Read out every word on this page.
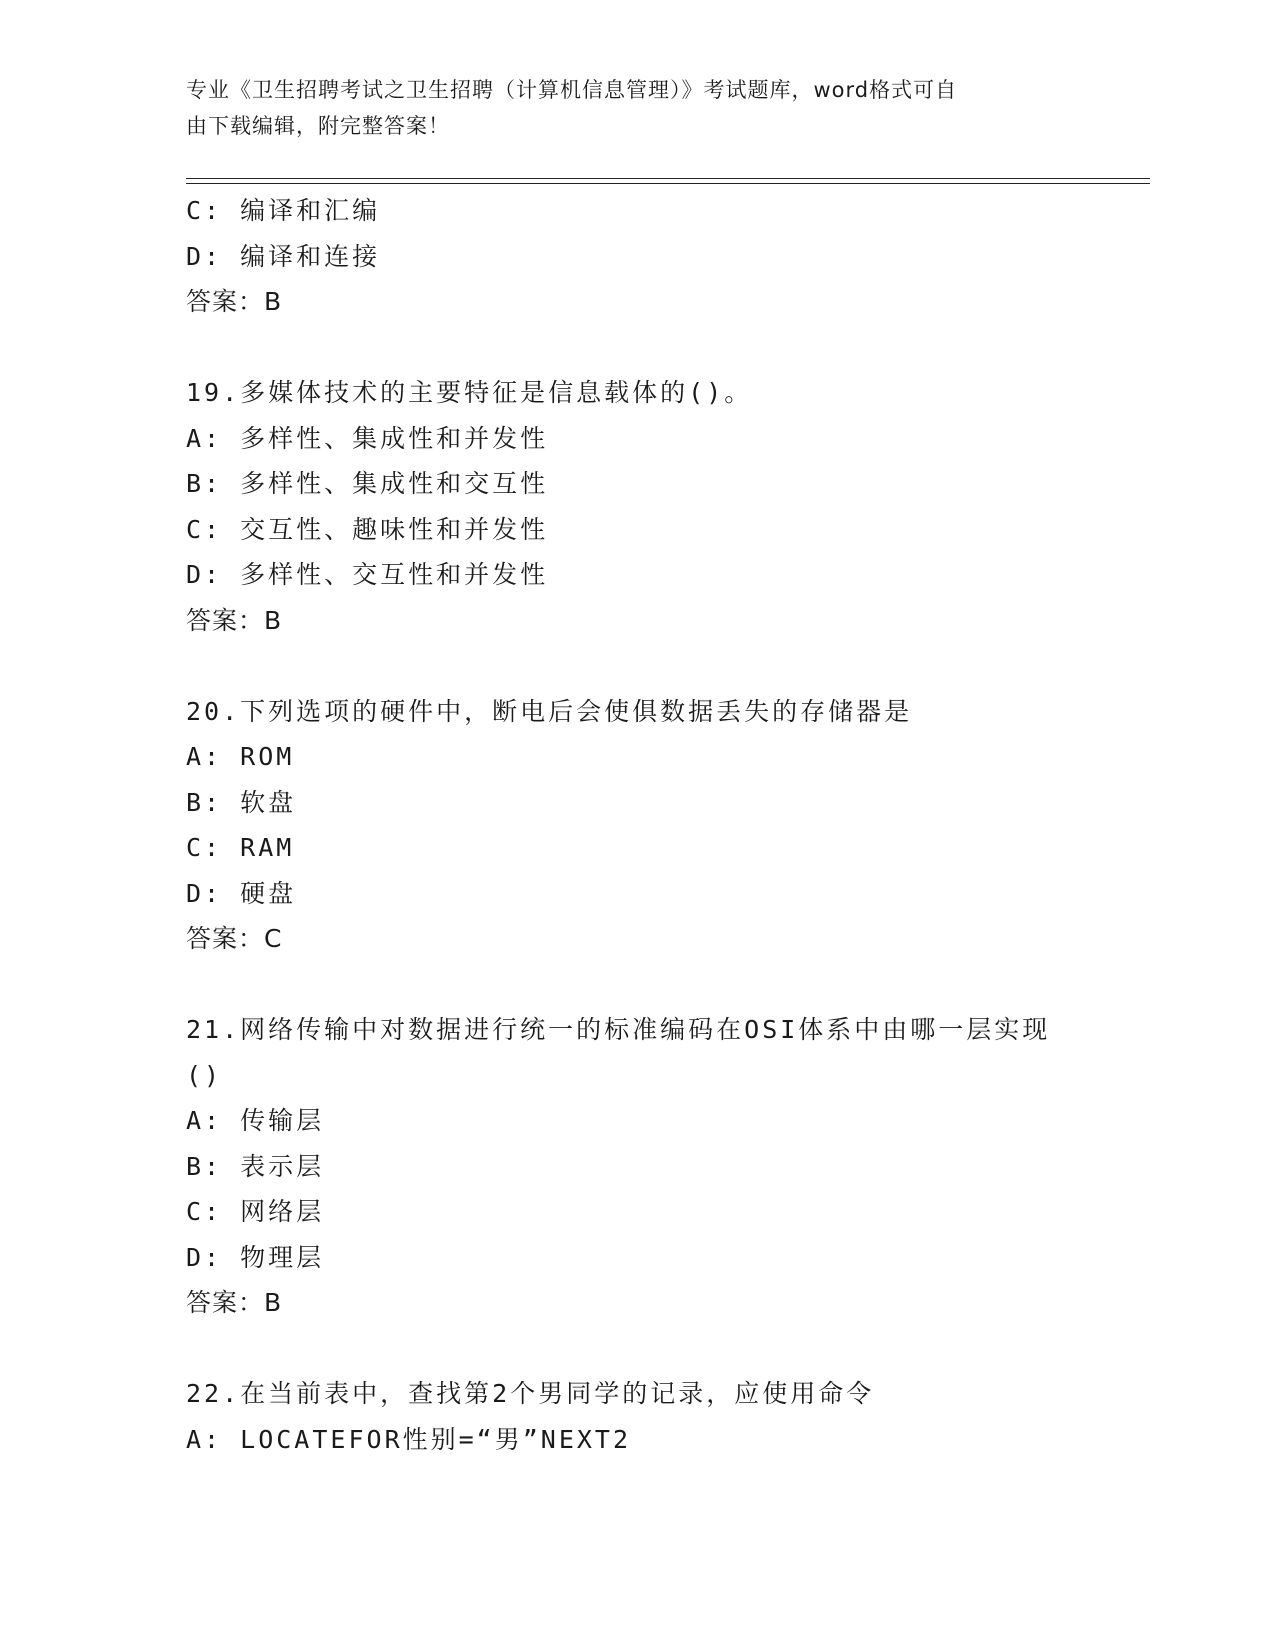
专业《卫生招聘考试之卫生招聘（计算机信息管理）》考试题库，word格式可自
由下载编辑，附完整答案！
C: 编译和汇编
D: 编译和连接
答案：B
19.多媒体技术的主要特征是信息载体的()。
A: 多样性、集成性和并发性
B: 多样性、集成性和交互性
C: 交互性、趣味性和并发性
D: 多样性、交互性和并发性
答案：B
20.下列选项的硬件中，断电后会使俱数据丢失的存储器是
A: ROM
B: 软盘
C: RAM
D: 硬盘
答案：C
21.网络传输中对数据进行统一的标准编码在OSI体系中由哪一层实现
()
A: 传输层
B: 表示层
C: 网络层
D: 物理层
答案：B
22.在当前表中，查找第2个男同学的记录，应使用命令
A: LOCATEFOR性别=“男”NEXT2
